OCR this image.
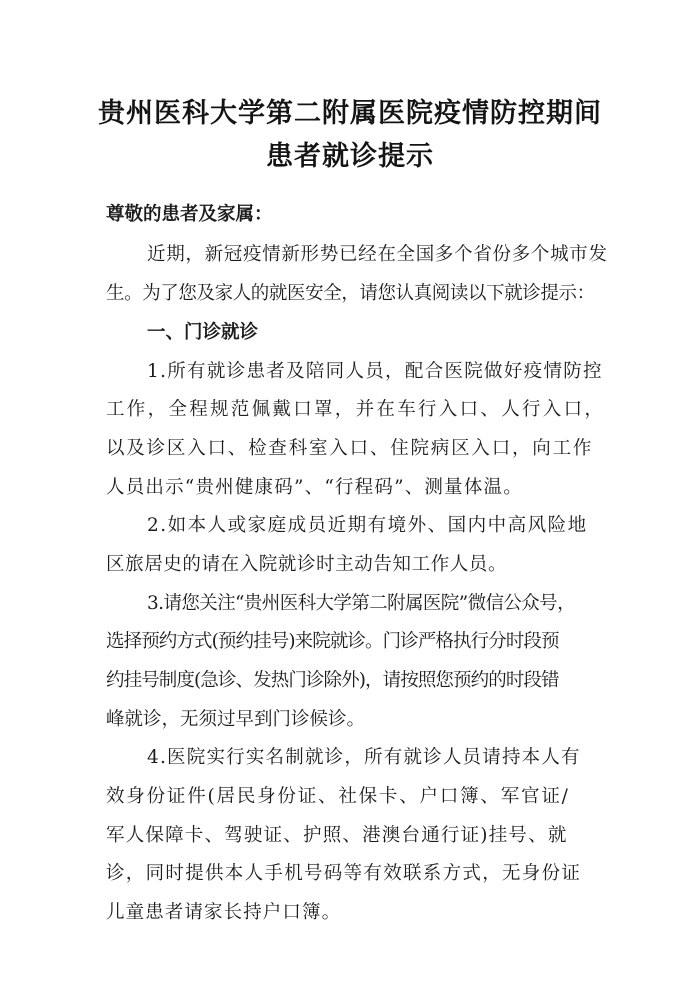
贵州医科大学第二附属医院疫情防控期间
患者就诊提示

尊敬的患者及家属：

近期，新冠疫情新形势已经在全国多个省份多个城市发

生。为了您及家人的就医安全，请您认真阅读以下就诊提示：

一、门诊就诊

1.所有就诊患者及陪同人员，配合医院做好疫情防控

工作，全程规范佩戴口罩，并在车行入口、人行入口，

以及诊区入口、检查科室入口、住院病区入口，向工作

人员出示“贵州健康码”、“行程码”、测量体温。

2.如本人或家庭成员近期有境外、国内中高风险地

区旅居史的请在入院就诊时主动告知工作人员。

3.请您关注“贵州医科大学第二附属医院”微信公众号，

选择预约方式(预约挂号)来院就诊。门诊严格执行分时段预

约挂号制度(急诊、发热门诊除外)，请按照您预约的时段错

峰就诊，无须过早到门诊候诊。

4.医院实行实名制就诊，所有就诊人员请持本人有

效身份证件(居民身份证、社保卡、户口簿、军官证/

军人保障卡、驾驶证、护照、港澳台通行证)挂号、就

诊，同时提供本人手机号码等有效联系方式，无身份证

儿童患者请家长持户口簿。
